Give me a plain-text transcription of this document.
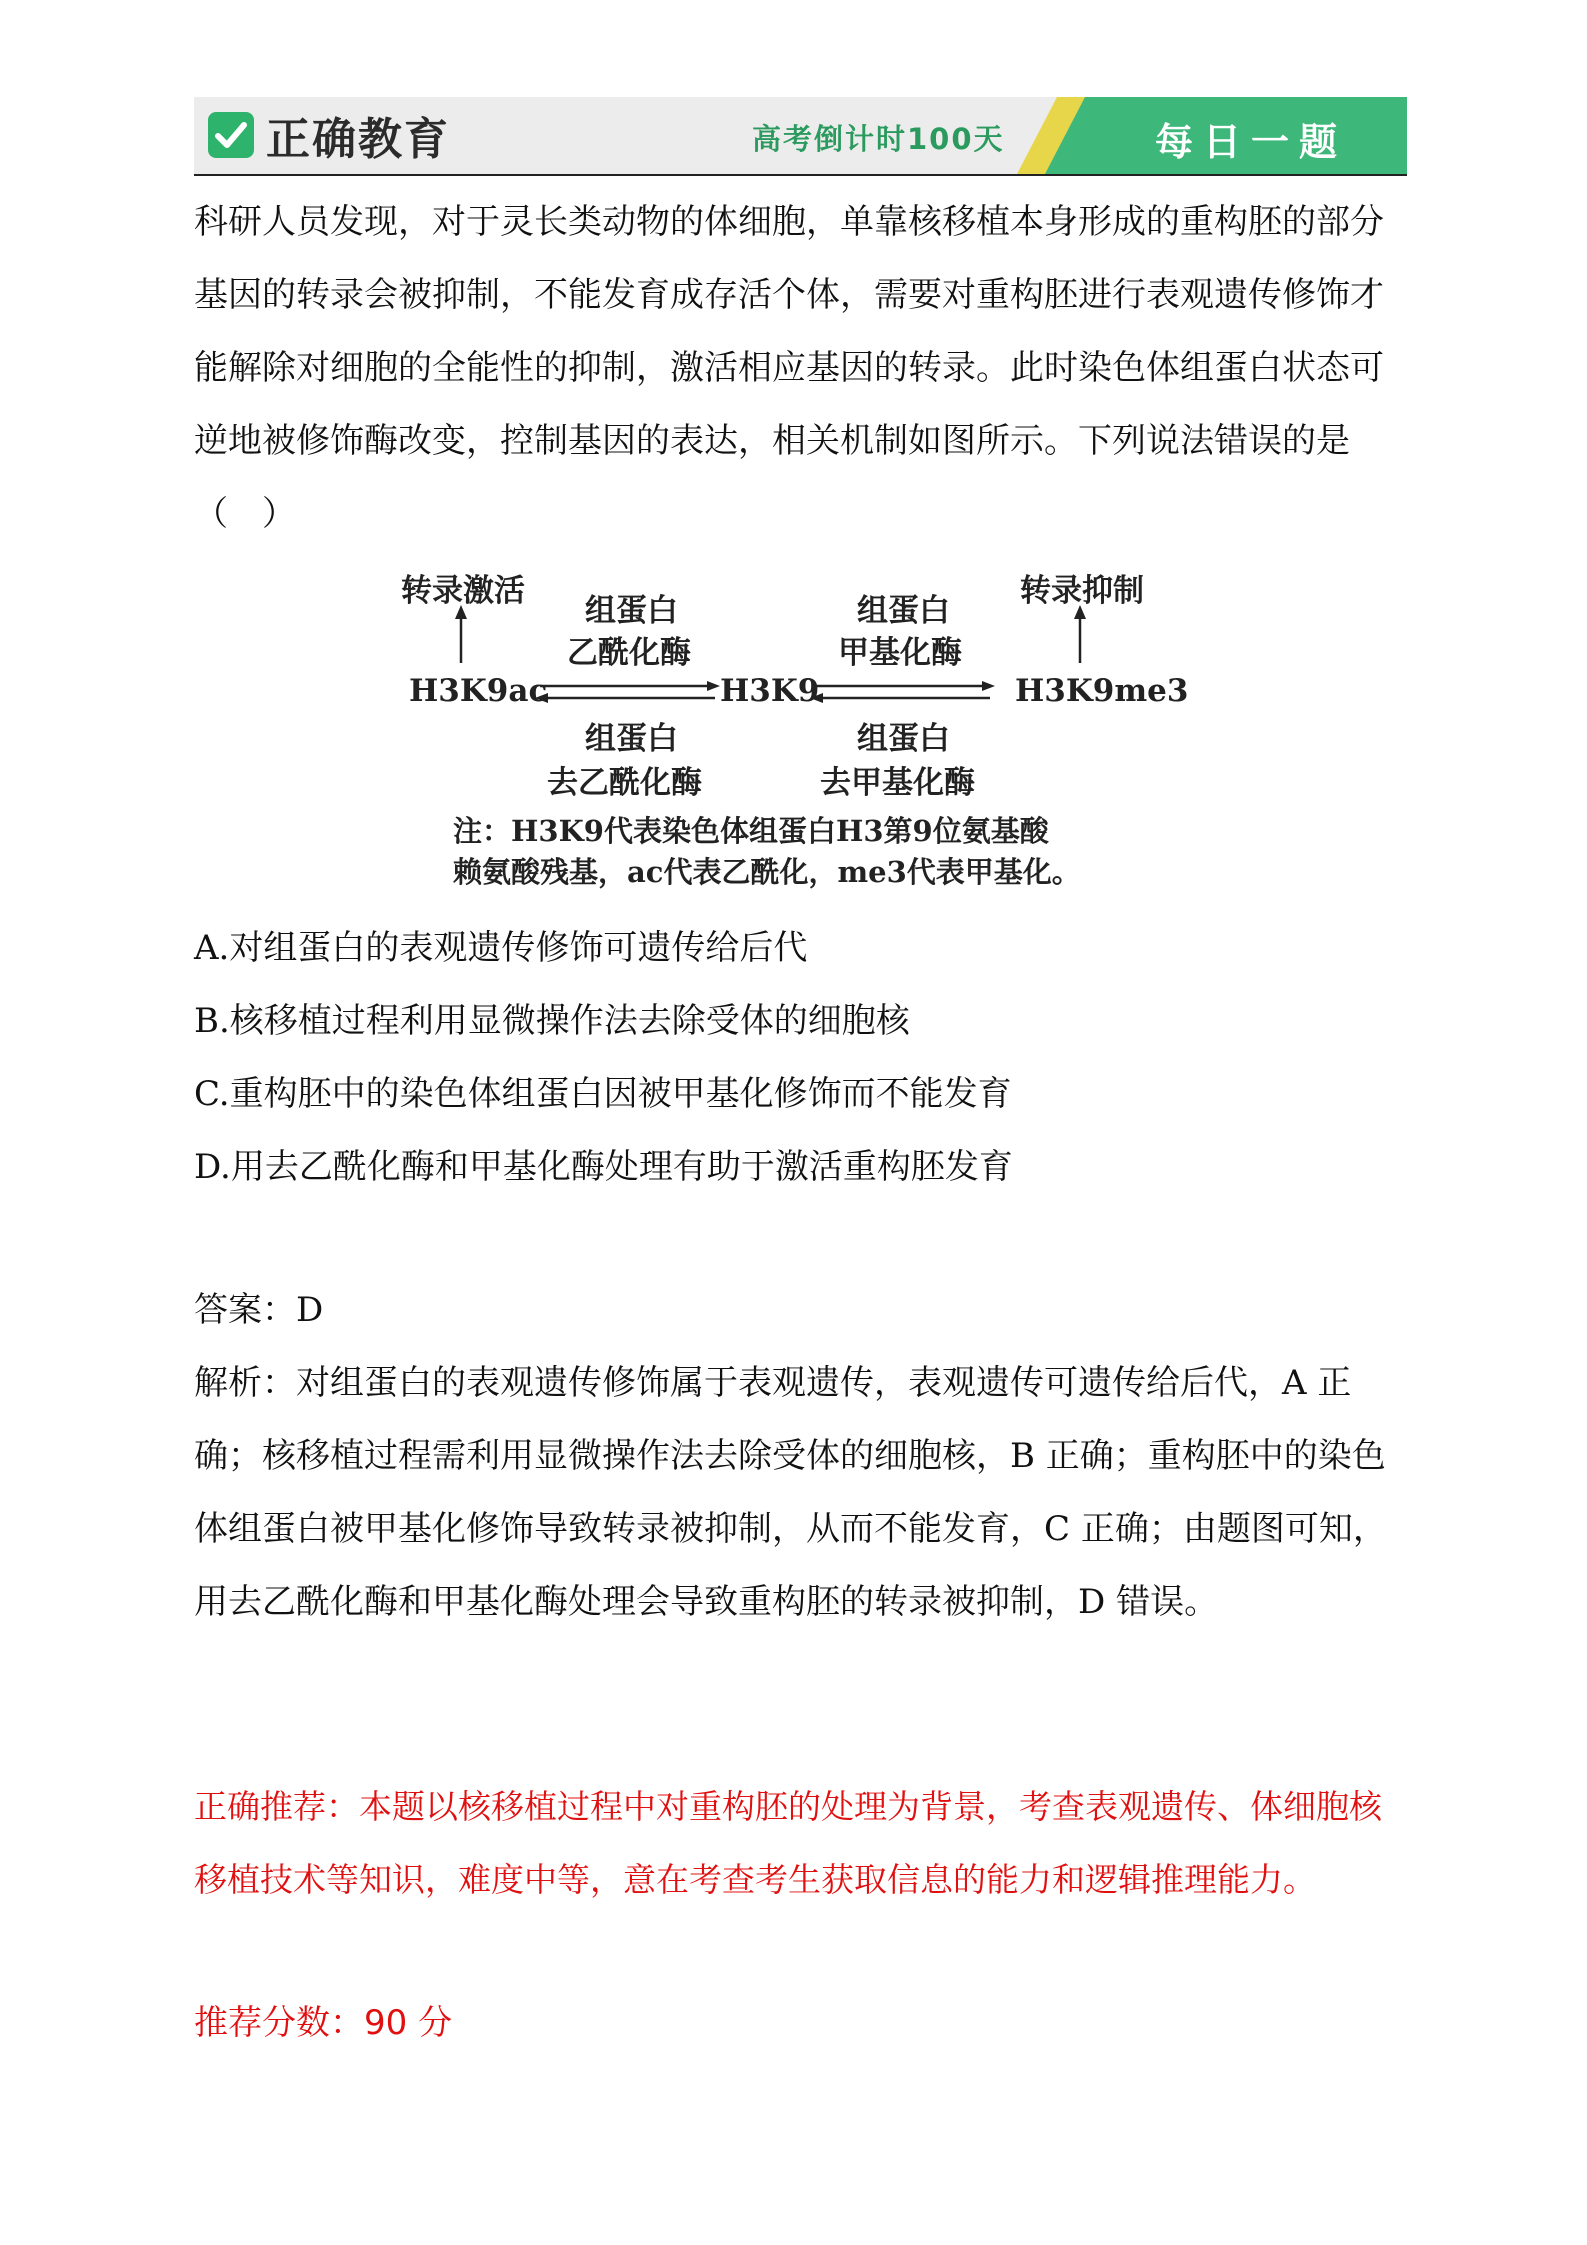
正确教育	高考倒计时100天	每日一题

科研人员发现，对于灵长类动物的体细胞，单靠核移植本身形成的重构胚的部分基因的转录会被抑制，不能发育成存活个体，需要对重构胚进行表观遗传修饰才能解除对细胞的全能性的抑制，激活相应基因的转录。此时染色体组蛋白状态可逆地被修饰酶改变，控制基因的表达，相关机制如图所示。下列说法错误的是（　）

转录激活	转录抑制
组蛋白
乙酰化酶
组蛋白
甲基化酶
H3K9ac	H3K9	H3K9me3
组蛋白
去乙酰化酶
组蛋白
去甲基化酶
注：H3K9代表染色体组蛋白H3第9位氨基酸
赖氨酸残基，ac代表乙酰化，me3代表甲基化。
A.对组蛋白的表观遗传修饰可遗传给后代
B.核移植过程利用显微操作法去除受体的细胞核
C.重构胚中的染色体组蛋白因被甲基化修饰而不能发育
D.用去乙酰化酶和甲基化酶处理有助于激活重构胚发育

答案：D

解析：对组蛋白的表观遗传修饰属于表观遗传，表观遗传可遗传给后代，A 正确；核移植过程需利用显微操作法去除受体的细胞核，B 正确；重构胚中的染色体组蛋白被甲基化修饰导致转录被抑制，从而不能发育，C 正确；由题图可知，用去乙酰化酶和甲基化酶处理会导致重构胚的转录被抑制，D 错误。

正确推荐：本题以核移植过程中对重构胚的处理为背景，考查表观遗传、体细胞核移植技术等知识，难度中等，意在考查考生获取信息的能力和逻辑推理能力。

推荐分数：90 分
